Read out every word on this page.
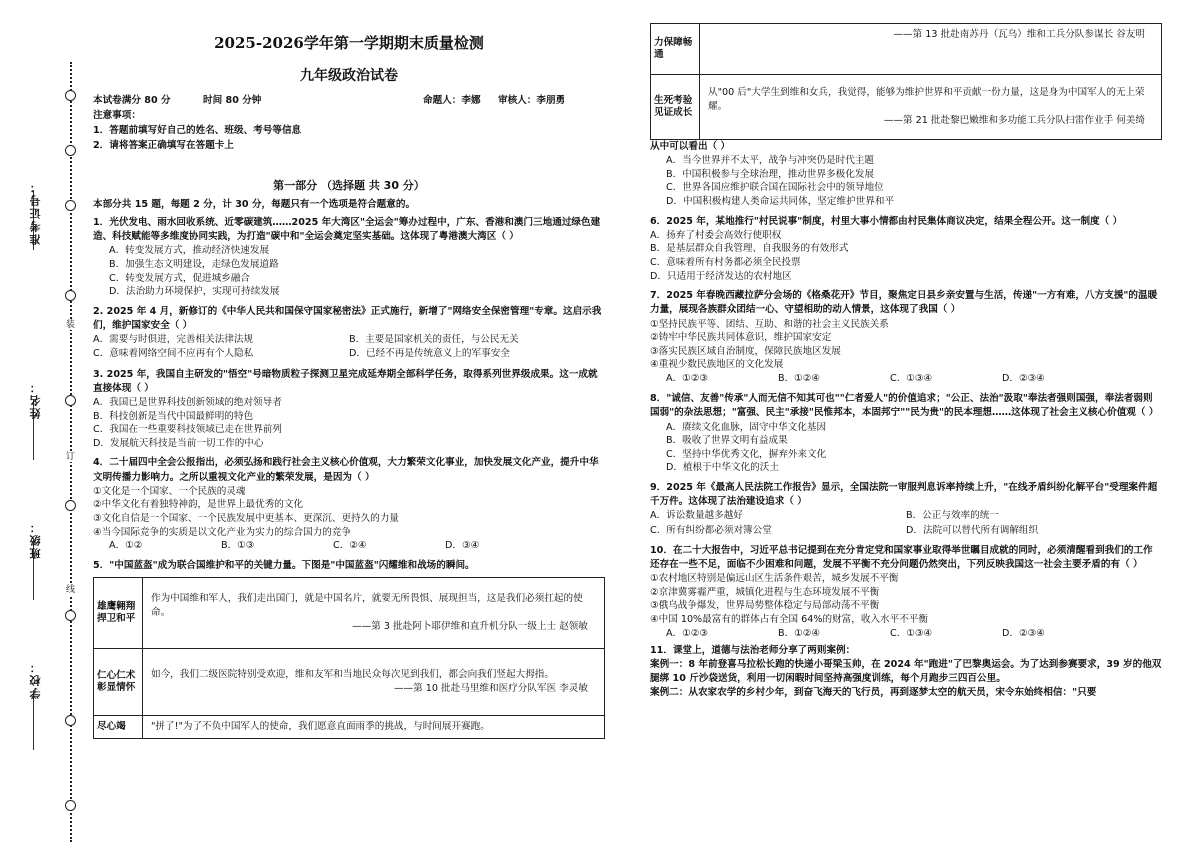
准考证号：
姓名：
班级：
学校：
装
订
线
2025-2026学年第一学期期末质量检测
九年级政治试卷
本试卷满分 80 分	时间 80 分钟	命题人：李娜	审核人：李朋勇

注意事项：

1．答题前填写好自己的姓名、班级、考号等信息

2．请将答案正确填写在答题卡上

第一部分 （选择题 共 30 分）
本部分共 15 题，每题 2 分，计 30 分，每题只有一个选项是符合题意的。
1．光伏发电、雨水回收系统、近零碳建筑……2025 年大湾区"全运会"筹办过程中，广东、香港和澳门三地通过绿色建造、科技赋能等多维度协同实践，为打造"碳中和"全运会奠定坚实基础。这体现了粤港澳大湾区（ ）
A．转变发展方式，推动经济快速发展
B．加强生态文明建设，走绿色发展道路
C．转变发展方式，促进城乡融合
D．法治助力环境保护，实现可持续发展
2. 2025 年 4 月，新修订的《中华人民共和国保守国家秘密法》正式施行，新增了"网络安全保密管理"专章。这启示我们，维护国家安全（ ）
A．需要与时俱进，完善相关法律法规	B．主要是国家机关的责任，与公民无关
C．意味着网络空间不应再有个人隐私	D．已经不再是传统意义上的军事安全
3. 2025 年，我国自主研发的"悟空"号暗物质粒子探测卫星完成延寿期全部科学任务，取得系列世界级成果。这一成就直接体现（ ）
A．我国已是世界科技创新领域的绝对领导者
B．科技创新是当代中国最鲜明的特色
C．我国在一些重要科技领域已走在世界前列
D．发展航天科技是当前一切工作的中心
4．二十届四中全会公报指出，必须弘扬和践行社会主义核心价值观，大力繁荣文化事业，加快发展文化产业，提升中华文明传播力影响力。之所以重视文化产业的繁荣发展，是因为（ ）
①文化是一个国家、一个民族的灵魂
②中华文化有着独特神韵，是世界上最优秀的文化
③文化自信是一个国家、一个民族发展中更基本、更深沉、更持久的力量
④当今国际竞争的实质是以文化产业为实力的综合国力的竞争
A．①②	B．①③	C．②④	D．③④
5．"中国蓝盔"成为联合国维护和平的关键力量。下图是"中国蓝盔"闪耀维和战场的瞬间。
雄鹰翱翔捍卫和平	作为中国维和军人，我们走出国门，就是中国名片，就要无所畏惧、展现担当，这是我们必须扛起的使命。
——第 3 批赴阿卜耶伊维和直升机分队一级上士 赵领敏

仁心仁术彰显情怀	如今，我们二级医院特别受欢迎，维和友军和当地民众每次见到我们，都会向我们竖起大拇指。
——第 10 批赴马里维和医疗分队军医 李灵敏

尽心竭	"拼了!"为了不负中国军人的使命，我们愿意直面雨季的挑战，与时间展开赛跑。
力保障畅通	——第 13 批赴南苏丹（瓦乌）维和工兵分队参谋长 谷友明

生死考验见证成长	从"00 后"大学生到维和女兵，我觉得，能够为维护世界和平贡献一份力量，这是身为中国军人的无上荣耀。
——第 21 批赴黎巴嫩维和多功能工兵分队扫雷作业手 何美绮
从中可以看出（ ）
A．当今世界并不太平，战争与冲突仍是时代主题
B．中国积极参与全球治理，推动世界多极化发展
C．世界各国应维护联合国在国际社会中的领导地位
D．中国积极构建人类命运共同体，坚定维护世界和平
6．2025 年，某地推行"村民说事"制度，村里大事小情都由村民集体商议决定，结果全程公开。这一制度（ ）
A．扬弃了村委会高效行使职权
B．是基层群众自我管理、自我服务的有效形式
C．意味着所有村务都必须全民投票
D．只适用于经济发达的农村地区
7．2025 年春晚西藏拉萨分会场的《格桑花开》节目，聚焦定日县乡亲安置与生活，传递"一方有难，八方支援"的温暖力量，展现各族群众团结一心、守望相助的动人情景，这体现了我国（ ）
①坚持民族平等、团结、互助、和谐的社会主义民族关系
②铸牢中华民族共同体意识，维护国家安定
③落实民族区域自治制度，保障民族地区发展
④重视少数民族地区的文化发展
A．①②③	B．①②④	C．①③④	D．②③④
8．"诚信、友善"传承"人而无信不知其可也""仁者爱人"的价值追求；"公正、法治"汲取"奉法者强则国强，奉法者弱则国弱"的杂法思想；"富强、民主"承接"民惟邦本，本固邦宁""民为贵"的民本理想……这体现了社会主义核心价值观（ ）
A．赓续文化血脉，固守中华文化基因
B．吸收了世界文明有益成果
C．坚持中华优秀文化，摒弃外来文化
D．植根于中华文化的沃土
9．2025 年《最高人民法院工作报告》显示，全国法院一审服判息诉率持续上升，"在线矛盾纠纷化解平台"受理案件超千万件。这体现了法治建设追求（ ）
A．诉讼数量越多越好	B．公正与效率的统一
C．所有纠纷都必须对簿公堂	D．法院可以替代所有调解组织
10．在二十大报告中，习近平总书记提到在充分肯定党和国家事业取得举世瞩目成就的同时，必须清醒看到我们的工作还存在一些不足，面临不少困难和问题，发展不平衡不充分问题仍然突出，下列反映我国这一社会主要矛盾的有（ ）
①农村地区特别是偏远山区生活条件艰苦，城乡发展不平衡
②京津冀雾霾严重，城镇化进程与生态环境发展不平衡
③俄乌战争爆发，世界局势整体稳定与局部动荡不平衡
④中国 10%最富有的群体占有全国 64%的财富，收入水平不平衡
A．①②③	B．①②④	C．①③④	D．②③④
11．课堂上，道德与法治老师分享了两则案例：
案例一：8 年前登喜马拉松长跑的快递小哥梁玉帅，在 2024 年"跑进"了巴黎奥运会。为了达到参赛要求，39 岁的他双腿绑 10 斤沙袋送货，利用一切闲暇时间坚持高强度训练，每个月跑步三四百公里。
案例二：从农家农学的乡村少年，到奋飞海天的飞行员，再到逐梦太空的航天员，宋令东始终相信："只要
